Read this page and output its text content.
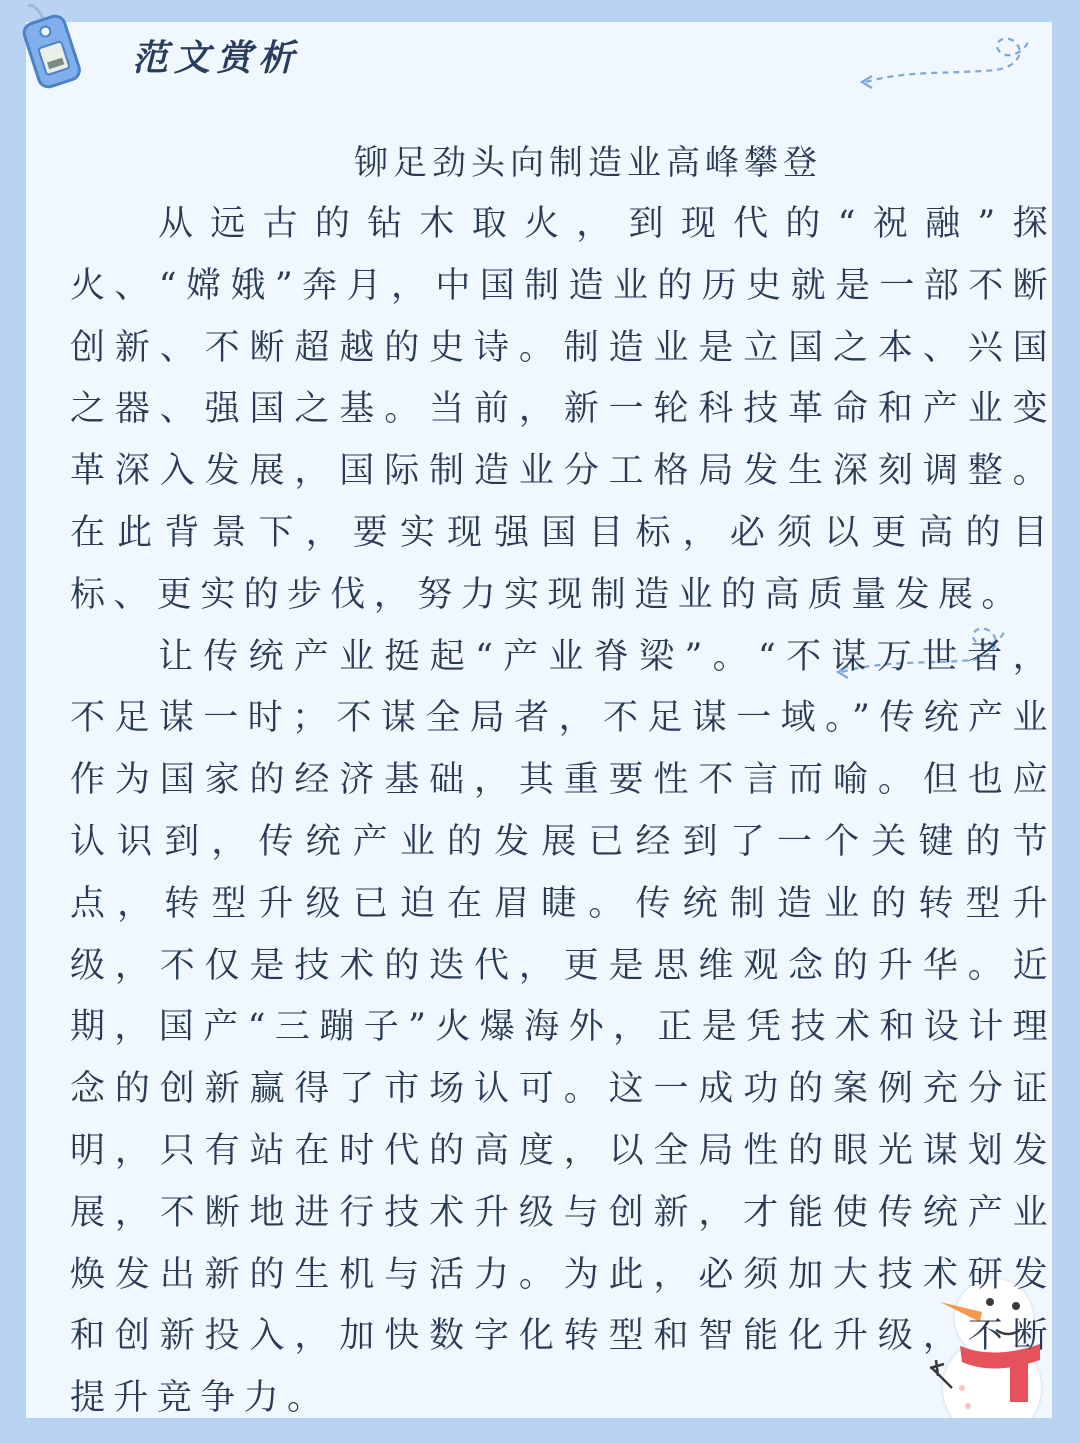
铆足劲头向制造业高峰攀登

从远古的钻木取火，到现代的“祝融”探火、“嫦娥”奔月，中国制造业的历史就是一部不断创新、不断超越的史诗。制造业是立国之本、兴国之器、强国之基。当前，新一轮科技革命和产业变革深入发展，国际制造业分工格局发生深刻调整。在此背景下，要实现强国目标，必须以更高的目标、更实的步伐，努力实现制造业的高质量发展。

让传统产业挺起“产业脊梁”。“不谋万世者，不足谋一时；不谋全局者，不足谋一域。”传统产业作为国家的经济基础，其重要性不言而喻。但也应认识到，传统产业的发展已经到了一个关键的节点，转型升级已迫在眉睫。传统制造业的转型升级，不仅是技术的迭代，更是思维观念的升华。近期，国产“三蹦子”火爆海外，正是凭技术和设计理念的创新赢得了市场认可。这一成功的案例充分证明，只有站在时代的高度，以全局性的眼光谋划发展，不断地进行技术升级与创新，才能使传统产业焕发出新的生机与活力。为此，必须加大技术研发和创新投入，加快数字化转型和智能化升级，不断提升竞争力。

范文赏析
